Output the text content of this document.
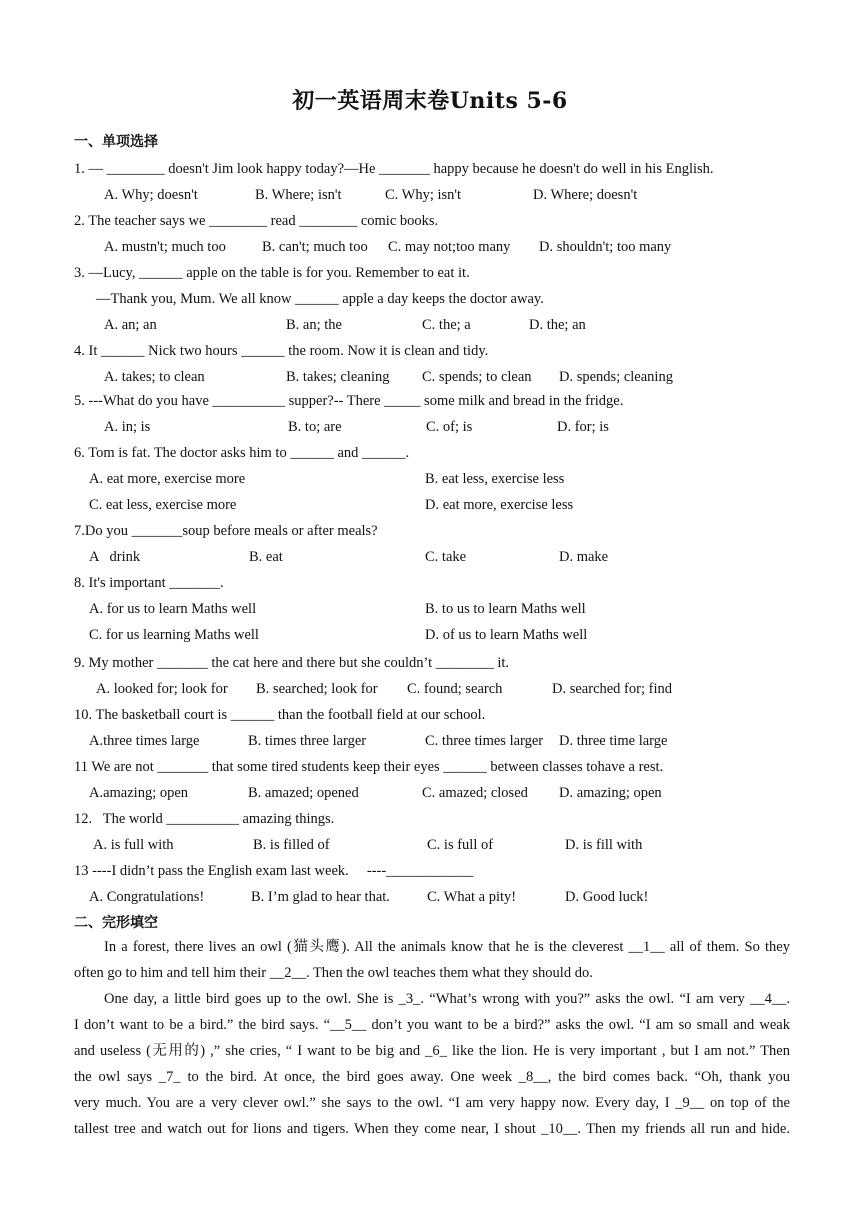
初一英语周末卷Units 5-6
一、单项选择
1. — ________ doesn't Jim look happy today?—He _______ happy because he doesn't do well in his English.
A. Why; doesn't	B. Where; isn't	C. Why; isn't	D. Where; doesn't
2. The teacher says we ________ read ________ comic books.
A. mustn't; much too B. can't; much too C. may not;too many D. shouldn't; too many
3. —Lucy, ______ apple on the table is for you. Remember to eat it.
—Thank you, Mum. We all know ______ apple a day keeps the doctor away.
A. an; an	B. an; the	C. the; a	D. the; an
4. It ______ Nick two hours ______ the room. Now it is clean and tidy.
A. takes; to clean	B. takes; cleaning C. spends; to clean D. spends; cleaning
5. ---What do you have __________ supper?-- There _____ some milk and bread in the fridge.
A. in; is	B. to; are	C. of; is	D. for; is
6. Tom is fat. The doctor asks him to ______ and ______.
A. eat more, exercise more	B. eat less, exercise less
C. eat less, exercise more	D. eat more, exercise less
7.Do you _______soup before meals or after meals?
A   drink	B. eat	C. take	D. make
8. It's important _______.
A. for us to learn Maths well	B. to us to learn Maths well
C. for us learning Maths well	D. of us to learn Maths well
9. My mother _______ the cat here and there but she couldn’t ________ it.
A. looked for; look for B. searched; look for C. found; search	D. searched for; find
10. The basketball court is ______ than the football field at our school.
A.three times large	B. times three larger	C. three times larger D. three time large
11 We are not _______ that some tired students keep their eyes ______ between classes tohave a rest.
A.amazing; open	B. amazed; opened	C. amazed; closed D. amazing; open
12.   The world __________ amazing things.
A. is full with	B. is filled of	C. is full of	D. is fill with
13 ----I didn’t pass the English exam last week.     ----____________
A. Congratulations!	B. I’m glad to hear that.	C. What a pity!	D. Good luck!
二、完形填空
In a forest, there lives an owl (猫头鹰). All the animals know that he is the cleverest __1__ all of them. So they
often go to him and tell him their __2__. Then the owl teaches them what they should do.
One day, a little bird goes up to the owl. She is _3_. “What’s wrong with you?” asks the owl. “I am very __4__.
I don’t want to be a bird.” the bird says. “__5__ don’t you want to be a bird?” asks the owl. “I am so small and weak
and useless (无用的) ,” she cries, “ I want to be big and _6_ like the lion. He is very important , but I am not.” Then
the owl says _7_ to the bird. At once, the bird goes away. One week _8__, the bird comes back. “Oh, thank you
very much. You are a very clever owl.” she says to the owl. “I am very happy now. Every day, I _9__ on top of the
tallest tree and watch out for lions and tigers. When they come near, I shout _10__. Then my friends all run and hide.
